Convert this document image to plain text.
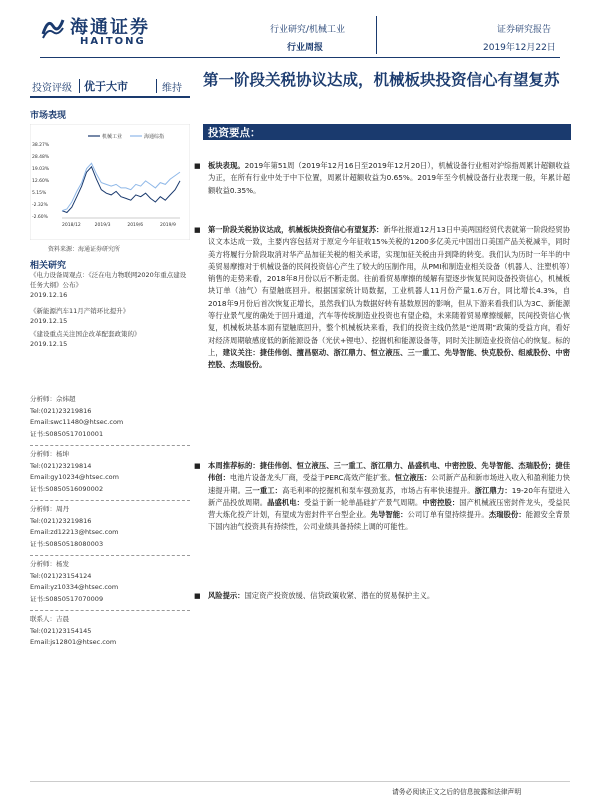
海通证券
HAITONG
行业研究/机械工业
行业周报
证券研究报告
2019年12月22日
投资评级 优于大市	维持 第一阶段关税协议达成，机械板块投资信心有望复苏
投资要点：
市场表现
机械工业	海通综指
38.27%
28.48%
19.03%
12.60%
5.15%
-2.32%
-2.60%
2018/12	2019/3	2019/6	2019/9
资料来源：海通证券研究所
相关研究
《电力设备周观点：《泛在电力物联网2020年重点建设任务大纲》公布》
2019.12.16
《新能源汽车11月产销环比提升》
2019.12.15
《建设重点关注国企改革配套政策的》
2019.12.15
分析师：佘炜超
Tel:(021)23219816
Email:swc11480@htsec.com
证书:S0850517010001
分析师：杨坤
Tel:(021)23219814
Email:gy10234@htsec.com
证书:S0850516090002
分析师：周丹
Tel:(021)23219816
Email:zd12213@htsec.com
证书:S0850518080003
分析师：杨发
Tel:(021)23154124
Email:yz10334@htsec.com
证书:S0850517070009
联系人：吉晨
Tel:(021)23154145
Email:js12801@htsec.com
■ 板块表现。2019年第51周（2019年12月16日至2019年12月20日），机械设备行业相对沪综指周累计超额收益为正，在所有行业中处于中下位置，周累计超额收益为0.65%。2019年至今机械设备行业表现一般，年累计超额收益0.35%。
■ 第一阶段关税协议达成，机械板块投资信心有望复苏：新华社报道12月13日中美两国经贸代表就第一阶段经贸协议文本达成一致，主要内容包括对于原定今年征收15%关税的1200多亿美元中国出口美国产品关税减半，同时美方将履行分阶段取消对华产品加征关税的相关承诺，实现加征关税由升到降的转变。我们认为历时一年半的中美贸易摩擦对于机械设备的民间投资信心产生了较大的压制作用，从PMI和制造业相关设备（机器人、注塑机等）销售的走势来看，2018年8月份以后不断走弱。往前看贸易摩擦的缓解有望逐步恢复民间设备投资信心，机械板块订单（油气）有望触底回升。根据国家统计局数据，工业机器人11月份产量1.6万台，同比增长4.3%，自2018年9月份后首次恢复正增长，虽然我们认为数据好转有基数原因的影响，但从下游来看我们认为3C、新能源等行业景气度的确处于回升通道，汽车等传统制造业投资也有望企稳，未来随着贸易摩擦缓解，民间投资信心恢复，机械板块基本面有望触底回升，整个机械板块来看，我们的投资主线仍然是“逆周期”政策的受益方向，看好对经济周期敏感度低的新能源设备（光伏+锂电）、挖掘机和能源设备等，同时关注制造业投资信心的恢复。标的上，建议关注：捷佳伟创、擅昌驱动、浙江鼎力、恒立液压、三一重工、先导智能、快克股份、组威股份、中密控股、杰瑞股份。
■ 本周推荐标的：捷佳伟创、恒立液压、三一重工、浙江鼎力、晶盛机电、中密控股、先导智能、杰瑞股份；捷佳伟创：电池片设备龙头厂商，受益于PERC高效产能扩张。恒立液压：公司新产品和新市场进入收入和盈利能力快速提升期。三一重工：高毛利率的挖掘机和泵车强劲复苏，市场占有率快速提升。浙江鼎力：19-20年有望进入新产品投放周期。晶盛机电：受益于新一轮单晶硅扩产景气周期。中密控股：国产机械液压密封件龙头，受益民营大炼化投产计划，有望成为密封件平台型企业。先导智能：公司订单有望持续提升。杰瑞股份：能源安全背景下国内油气投资具有持续性，公司业绩具备持续上调的可能性。
■ 风险提示：国定资产投资放缓、信贷政策收紧、潜在的贸易保护主义。
请务必阅读正文之后的信息披露和法律声明
